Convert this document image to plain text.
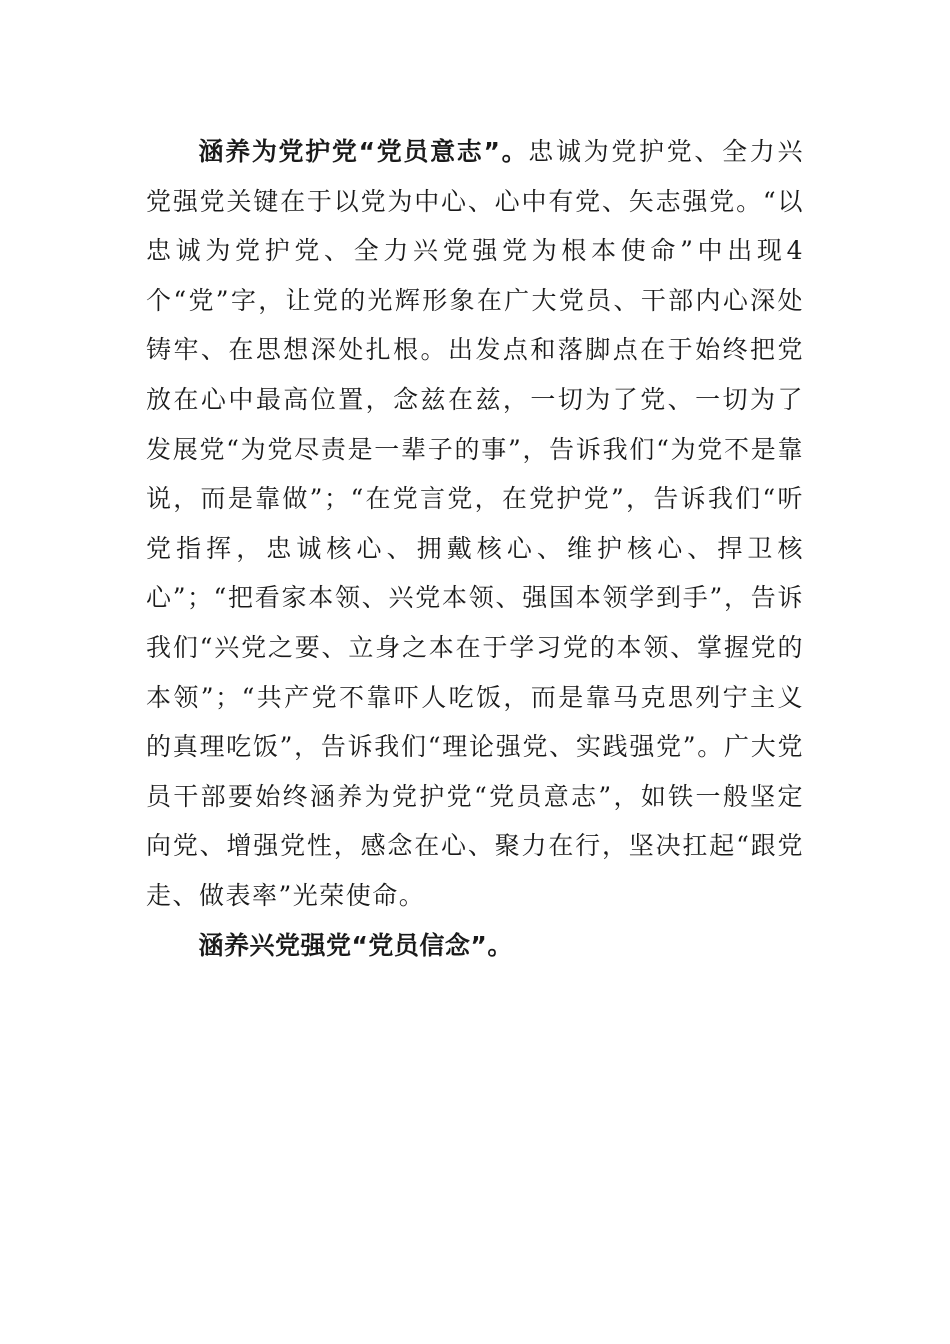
涵养为党护党“党员意志”。忠诚为党护党、全力兴党强党关键在于以党为中心、心中有党、矢志强党。“以忠诚为党护党、全力兴党强党为根本使命”中出现4个“党”字，让党的光辉形象在广大党员、干部内心深处铸牢、在思想深处扎根。出发点和落脚点在于始终把党放在心中最高位置，念兹在兹，一切为了党、一切为了发展党“为党尽责是一辈子的事”，告诉我们“为党不是靠说，而是靠做”；“在党言党，在党护党”，告诉我们“听党指挥，忠诚核心、拥戴核心、维护核心、捍卫核心”；“把看家本领、兴党本领、强国本领学到手”，告诉我们“兴党之要、立身之本在于学习党的本领、掌握党的本领”；“共产党不靠吓人吃饭，而是靠马克思列宁主义的真理吃饭”，告诉我们“理论强党、实践强党”。广大党员干部要始终涵养为党护党“党员意志”，如铁一般坚定向党、增强党性，感念在心、聚力在行，坚决扛起“跟党走、做表率”光荣使命。

涵养兴党强党“党员信念”。
